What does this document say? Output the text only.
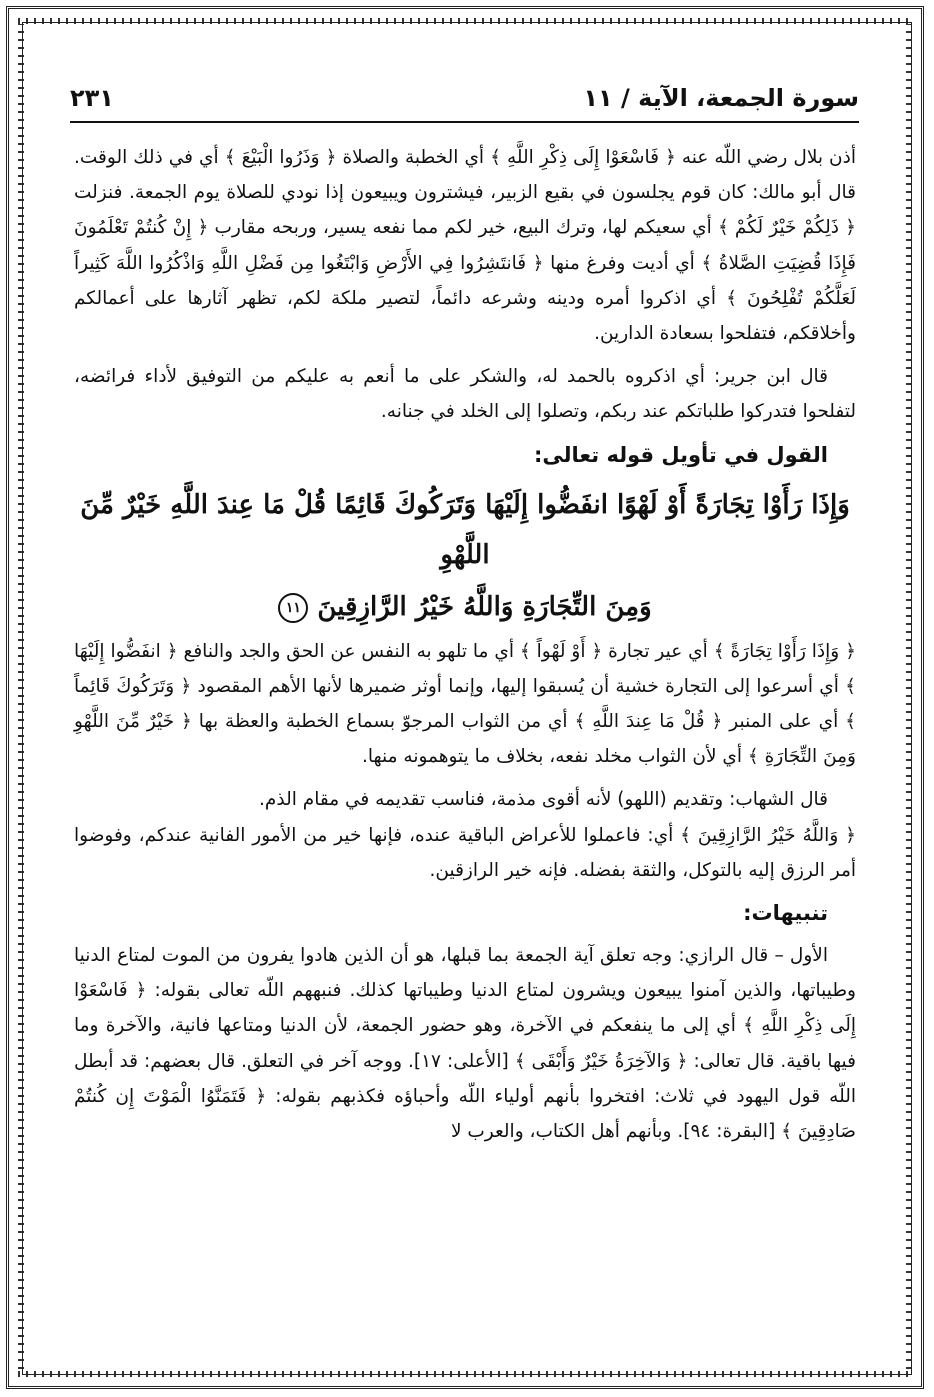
سورة الجمعة، الآية / ١١
٢٣١

أذن بلال رضي اللّه عنه ﴿ فَاسْعَوْا إِلَى ذِكْرِ اللَّهِ ﴾ أي الخطبة والصلاة ﴿ وَذَرُوا الْبَيْعَ ﴾ أي في ذلك الوقت. قال أبو مالك: كان قوم يجلسون في بقيع الزبير، فيشترون ويبيعون إذا نودي للصلاة يوم الجمعة. فنزلت ﴿ ذَلِكُمْ خَيْرٌ لَكُمْ ﴾ أي سعيكم لها، وترك البيع، خير لكم مما نفعه يسير، وربحه مقارب ﴿ إِنْ كُنتُمْ تَعْلَمُونَ فَإِذَا قُضِيَتِ الصَّلاةُ ﴾ أي أديت وفرغ منها ﴿ فَانتَشِرُوا فِي الأَرْضِ وَابْتَغُوا مِن فَضْلِ اللَّهِ وَاذْكُرُوا اللَّهَ كَثِيراً لَعَلَّكُمْ تُفْلِحُونَ ﴾ أي اذكروا أمره ودينه وشرعه دائماً، لتصير ملكة لكم، تظهر آثارها على أعمالكم وأخلاقكم، فتفلحوا بسعادة الدارين.

قال ابن جرير: أي اذكروه بالحمد له، والشكر على ما أنعم به عليكم من التوفيق لأداء فرائضه، لتفلحوا فتدركوا طلباتكم عند ربكم، وتصلوا إلى الخلد في جنانه.

القول في تأويل قوله تعالى:
وَإِذَا رَأَوْا تِجَارَةً أَوْ لَهْوًا انفَضُّوا إِلَيْهَا وَتَرَكُوكَ قَائِمًا قُلْ مَا عِندَ اللَّهِ خَيْرٌ مِّنَ اللَّهْوِ
وَمِنَ التِّجَارَةِ وَاللَّهُ خَيْرُ الرَّازِقِينَ ١١

﴿ وَإِذَا رَأَوْا تِجَارَةً ﴾ أي عير تجارة ﴿ أَوْ لَهْواً ﴾ أي ما تلهو به النفس عن الحق والجد والنافع ﴿ انفَضُّوا إِلَيْهَا ﴾ أي أسرعوا إلى التجارة خشية أن يُسبقوا إليها، وإنما أوثر ضميرها لأنها الأهم المقصود ﴿ وَتَرَكُوكَ قَائِماً ﴾ أي على المنبر ﴿ قُلْ مَا عِندَ اللَّهِ ﴾ أي من الثواب المرجوّ بسماع الخطبة والعظة بها ﴿ خَيْرٌ مِّنَ اللَّهْوِ وَمِنَ التِّجَارَةِ ﴾ أي لأن الثواب مخلد نفعه، بخلاف ما يتوهمونه منها.

قال الشهاب: وتقديم (اللهو) لأنه أقوى مذمة، فناسب تقديمه في مقام الذم.

﴿ وَاللَّهُ خَيْرُ الرَّازِقِينَ ﴾ أي: فاعملوا للأعراض الباقية عنده، فإنها خير من الأمور الفانية عندكم، وفوضوا أمر الرزق إليه بالتوكل، والثقة بفضله. فإنه خير الرازقين.

تنبيهات:

الأول – قال الرازي: وجه تعلق آية الجمعة بما قبلها، هو أن الذين هادوا يفرون من الموت لمتاع الدنيا وطيباتها، والذين آمنوا يبيعون ويشرون لمتاع الدنيا وطيباتها كذلك. فنبههم اللّه تعالى بقوله: ﴿ فَاسْعَوْا إِلَى ذِكْرِ اللَّهِ ﴾ أي إلى ما ينفعكم في الآخرة، وهو حضور الجمعة، لأن الدنيا ومتاعها فانية، والآخرة وما فيها باقية. قال تعالى: ﴿ وَالآخِرَةُ خَيْرٌ وَأَبْقَى ﴾ [الأعلى: ١٧]. ووجه آخر في التعلق. قال بعضهم: قد أبطل اللّه قول اليهود في ثلاث: افتخروا بأنهم أولياء اللّه وأحباؤه فكذبهم بقوله: ﴿ فَتَمَنَّوُا الْمَوْتَ إِن كُنتُمْ صَادِقِينَ ﴾ [البقرة: ٩٤]. وبأنهم أهل الكتاب، والعرب لا
